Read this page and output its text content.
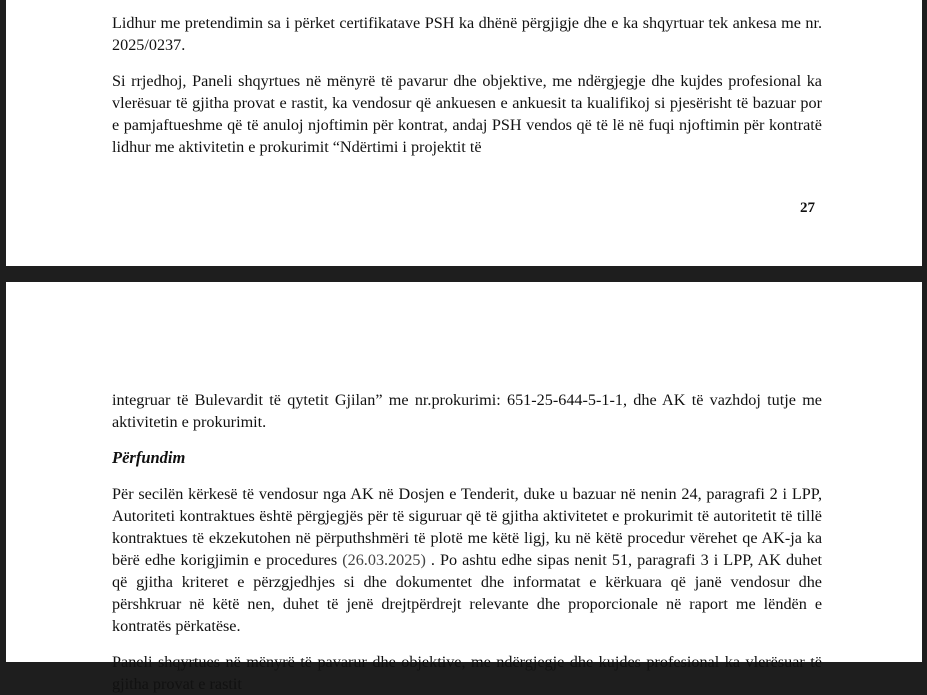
Lidhur me pretendimin sa i përket certifikatave PSH ka dhënë përgjigje dhe e ka shqyrtuar tek ankesa me nr. 2025/0237.

Si rrjedhoj, Paneli shqyrtues në mënyrë të pavarur dhe objektive, me ndërgjegje dhe kujdes profesional ka vlerësuar të gjitha provat e rastit, ka vendosur që ankuesen e ankuesit ta kualifikoj si pjesërisht të bazuar por e pamjaftueshme që të anuloj njoftimin për kontrat, andaj PSH vendos që të lë në fuqi njoftimin për kontratë lidhur me aktivitetin e prokurimit “Ndërtimi i projektit të

27

integruar të Bulevardit të qytetit Gjilan” me nr.prokurimi: 651-25-644-5-1-1, dhe AK të vazhdoj tutje me aktivitetin e prokurimit.

Përfundim

Për secilën kërkesë të vendosur nga AK në Dosjen e Tenderit, duke u bazuar në nenin 24, paragrafi 2 i LPP, Autoriteti kontraktues është përgjegjës për të siguruar që të gjitha aktivitetet e prokurimit të autoritetit të tillë kontraktues të ekzekutohen në përputhshmëri të plotë me këtë ligj, ku në këtë procedur vërehet qe AK-ja ka bërë edhe korigjimin e procedures (26.03.2025) . Po ashtu edhe sipas nenit 51, paragrafi 3 i LPP, AK duhet që gjitha kriteret e përzgjedhjes si dhe dokumentet dhe informatat e kërkuara që janë vendosur dhe përshkruar në këtë nen, duhet të jenë drejtpërdrejt relevante dhe proporcionale në raport me lëndën e kontratës përkatëse.

Paneli shqyrtues në mënyrë të pavarur dhe objektive, me ndërgjegje dhe kujdes profesional ka vlerësuar të gjitha provat e rastit
